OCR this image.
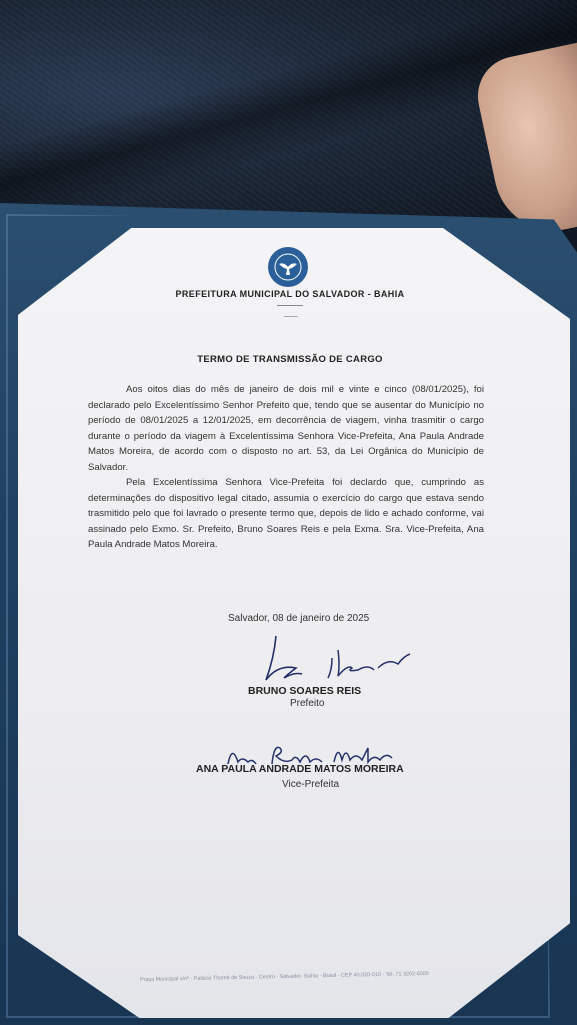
PREFEITURA MUNICIPAL DO SALVADOR - BAHIA
TERMO DE TRANSMISSÃO DE CARGO

Aos oitos dias do mês de janeiro de dois mil e vinte e cinco (08/01/2025), foi declarado pelo Excelentíssimo Senhor Prefeito que, tendo que se ausentar do Município no período de 08/01/2025 a 12/01/2025, em decorrência de viagem, vinha trasmitir o cargo durante o período da viagem à Excelentíssima Senhora Vice-Prefeita, Ana Paula Andrade Matos Moreira, de acordo com o disposto no art. 53, da Lei Orgânica do Município de Salvador.

Pela Excelentíssima Senhora Vice-Prefeita foi declardo que, cumprindo as determinações do dispositivo legal citado, assumia o exercício do cargo que estava sendo trasmitido pelo que foi lavrado o presente termo que, depois de lido e achado conforme, vai assinado pelo Exmo. Sr. Prefeito, Bruno Soares Reis e pela Exma. Sra. Vice-Prefeita, Ana Paula Andrade Matos Moreira.

Salvador, 08 de janeiro de 2025
BRUNO SOARES REIS
Prefeito
ANA PAULA ANDRADE MATOS MOREIRA
Vice-Prefeita
Praça Municipal s/nº - Palácio Thomé de Souza - Centro - Salvador- Bahia - Brasil - CEP 40.020-010 - Tel: 71 3202-6000
